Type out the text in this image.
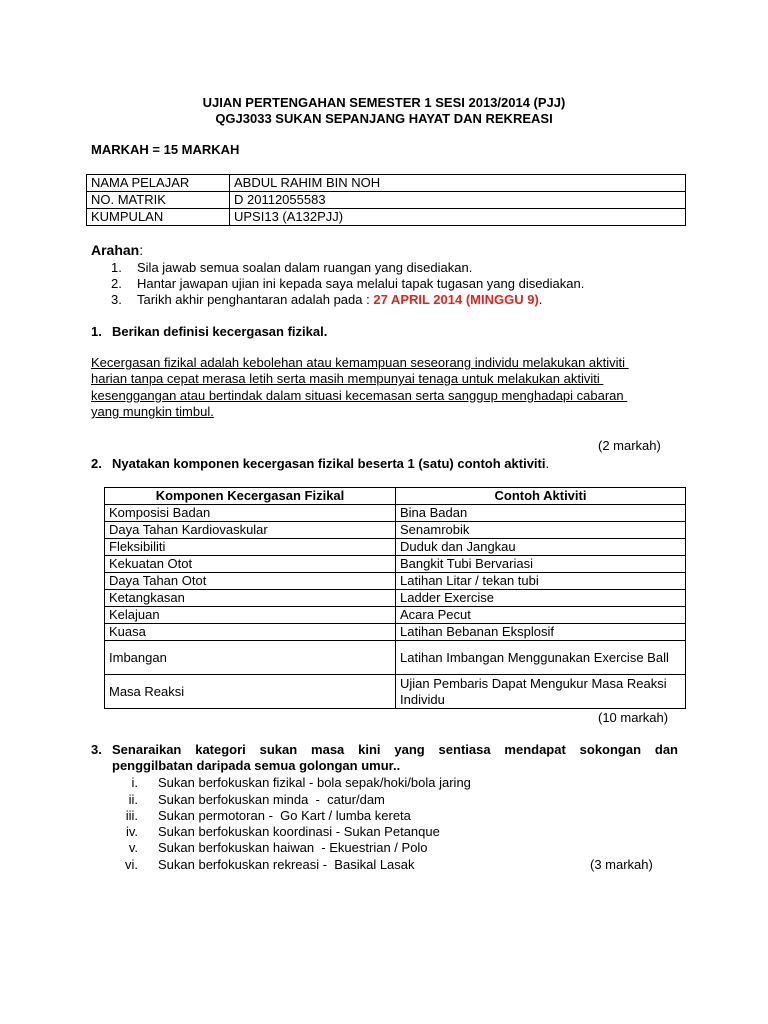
UJIAN PERTENGAHAN SEMESTER 1 SESI 2013/2014 (PJJ)
QGJ3033 SUKAN SEPANJANG HAYAT DAN REKREASI
MARKAH = 15 MARKAH
NAMA PELAJAR	ABDUL RAHIM BIN NOH
NO. MATRIK	D 20112055583
KUMPULAN	UPSI13 (A132PJJ)
Arahan:
1. Sila jawab semua soalan dalam ruangan yang disediakan.
2. Hantar jawapan ujian ini kepada saya melalui tapak tugasan yang disediakan.
3. Tarikh akhir penghantaran adalah pada : 27 APRIL 2014 (MINGGU 9).
1. Berikan definisi kecergasan fizikal.
Kecergasan fizikal adalah kebolehan atau kemampuan seseorang individu melakukan aktiviti
harian tanpa cepat merasa letih serta masih mempunyai tenaga untuk melakukan aktiviti
kesenggangan atau bertindak dalam situasi kecemasan serta sanggup menghadapi cabaran
yang mungkin timbul.
(2 markah)
2. Nyatakan komponen kecergasan fizikal beserta 1 (satu) contoh aktiviti.
Komponen Kecergasan Fizikal	Contoh Aktiviti
Komposisi Badan	Bina Badan
Daya Tahan Kardiovaskular	Senamrobik
Fleksibiliti	Duduk dan Jangkau
Kekuatan Otot	Bangkit Tubi Bervariasi
Daya Tahan Otot	Latihan Litar / tekan tubi
Ketangkasan	Ladder Exercise
Kelajuan	Acara Pecut
Kuasa	Latihan Bebanan Eksplosif
Imbangan	Latihan Imbangan Menggunakan Exercise Ball
Masa Reaksi	Ujian Pembaris Dapat Mengukur Masa Reaksi Individu
(10 markah)
3. Senaraikan kategori sukan masa kini yang sentiasa mendapat sokongan dan
penggilbatan daripada semua golongan umur..
i. Sukan berfokuskan fizikal - bola sepak/hoki/bola jaring
ii. Sukan berfokuskan minda  -  catur/dam
iii. Sukan permotoran -  Go Kart / lumba kereta
iv. Sukan berfokuskan koordinasi - Sukan Petanque
v. Sukan berfokuskan haiwan  - Ekuestrian / Polo
vi. Sukan berfokuskan rekreasi -  Basikal Lasak	(3 markah)
